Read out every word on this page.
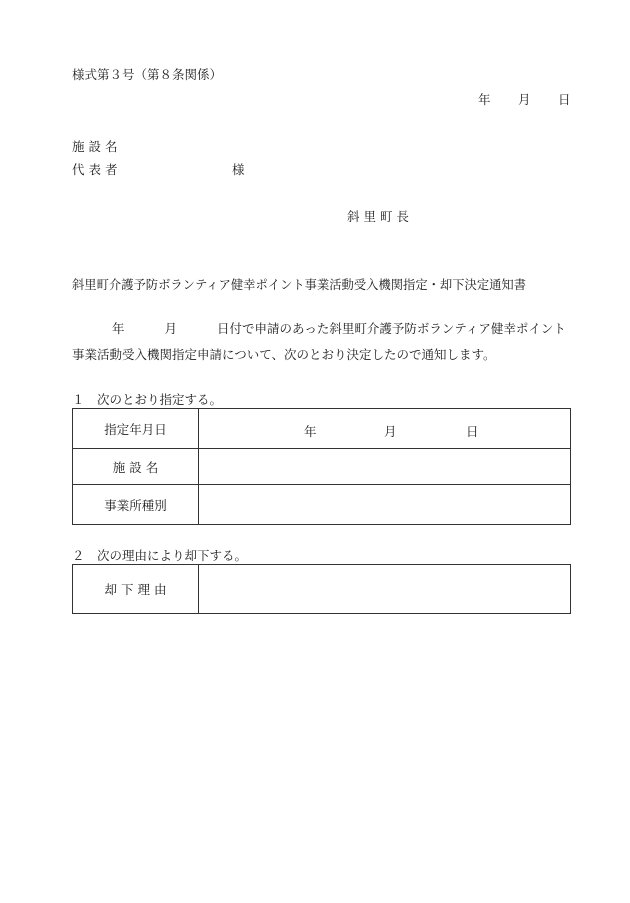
様式第３号（第８条関係）
年 月 日
施 設 名
代 表 者	様
斜 里 町 長
斜里町介護予防ボランティア健幸ポイント事業活動受入機関指定・却下決定通知書
年	月	日付で申請のあった斜里町介護予防ボランティア健幸ポイント事業活動受入機関指定申請について、次のとおり決定したので通知します。
１　次のとおり指定する。
指定年月日	年 月 日

施 設 名	
事業所種別	
２　次の理由により却下する。
却 下 理 由	
